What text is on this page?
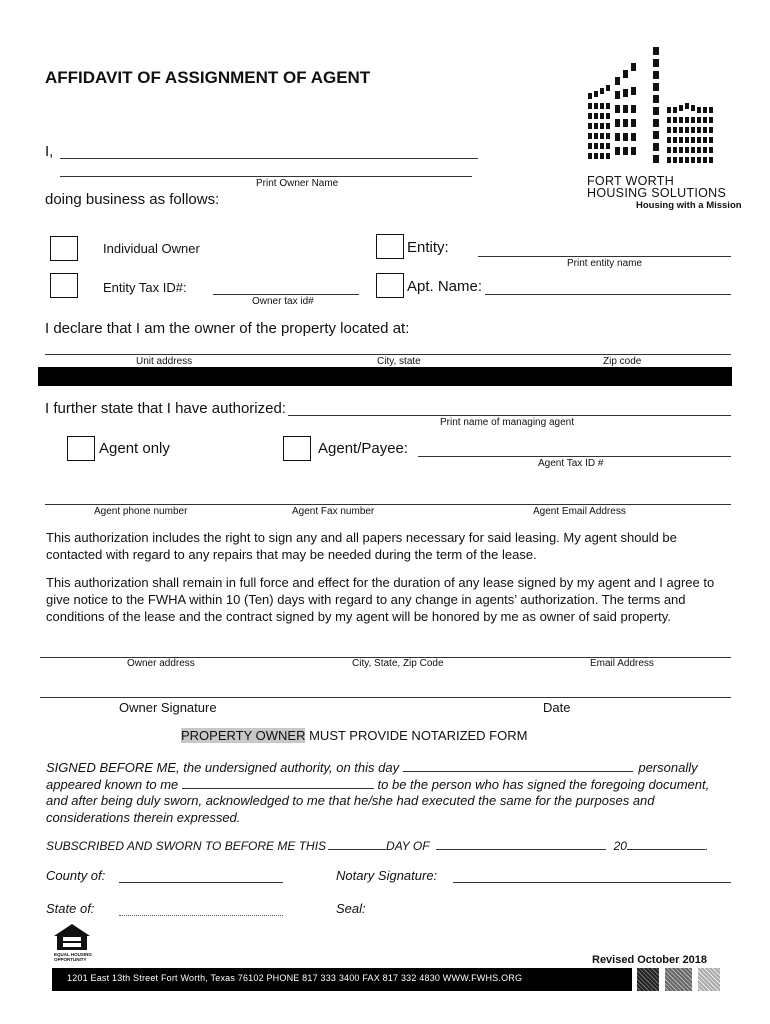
AFFIDAVIT OF ASSIGNMENT OF AGENT
FORT WORTH
HOUSING SOLUTIONS
Housing with a Mission
I,
Print Owner Name
doing business as follows:
Individual Owner	Entity:
Print entity name
Entity Tax ID#:
Owner tax id#
Apt. Name:
I declare that I am the owner of the property located at:
Unit address	City, state	Zip code
I further state that I have authorized:
Print name of managing agent
Agent only	Agent/Payee:
Agent Tax ID #
Agent phone number	Agent Fax number	Agent Email Address
This authorization includes the right to sign any and all papers necessary for said leasing. My agent should be contacted with regard to any repairs that may be needed during the term of the lease.
This authorization shall remain in full force and effect for the duration of any lease signed by my agent and I agree to give notice to the FWHA within 10 (Ten) days with regard to any change in agents’ authorization. The terms and conditions of the lease and the contract signed by my agent will be honored by me as owner of said property.
Owner address	City, State, Zip Code	Email Address
Owner Signature	Date
PROPERTY OWNER MUST PROVIDE NOTARIZED FORM
SIGNED BEFORE ME, the undersigned authority, on this day	personally
appeared known to me	to be the person who has signed the foregoing document,
and after being duly sworn, acknowledged to me that he/she had executed the same for the purposes and
considerations therein expressed.
SUBSCRIBED AND SWORN TO BEFORE ME THIS	DAY OF	20	.
County of:	Notary Signature:
State of:	Seal:
EQUAL HOUSING
OPPORTUNITY	Revised October 2018
1201 East 13th Street Fort Worth, Texas 76102 PHONE 817 333 3400 FAX 817 332 4830 WWW.FWHS.ORG
